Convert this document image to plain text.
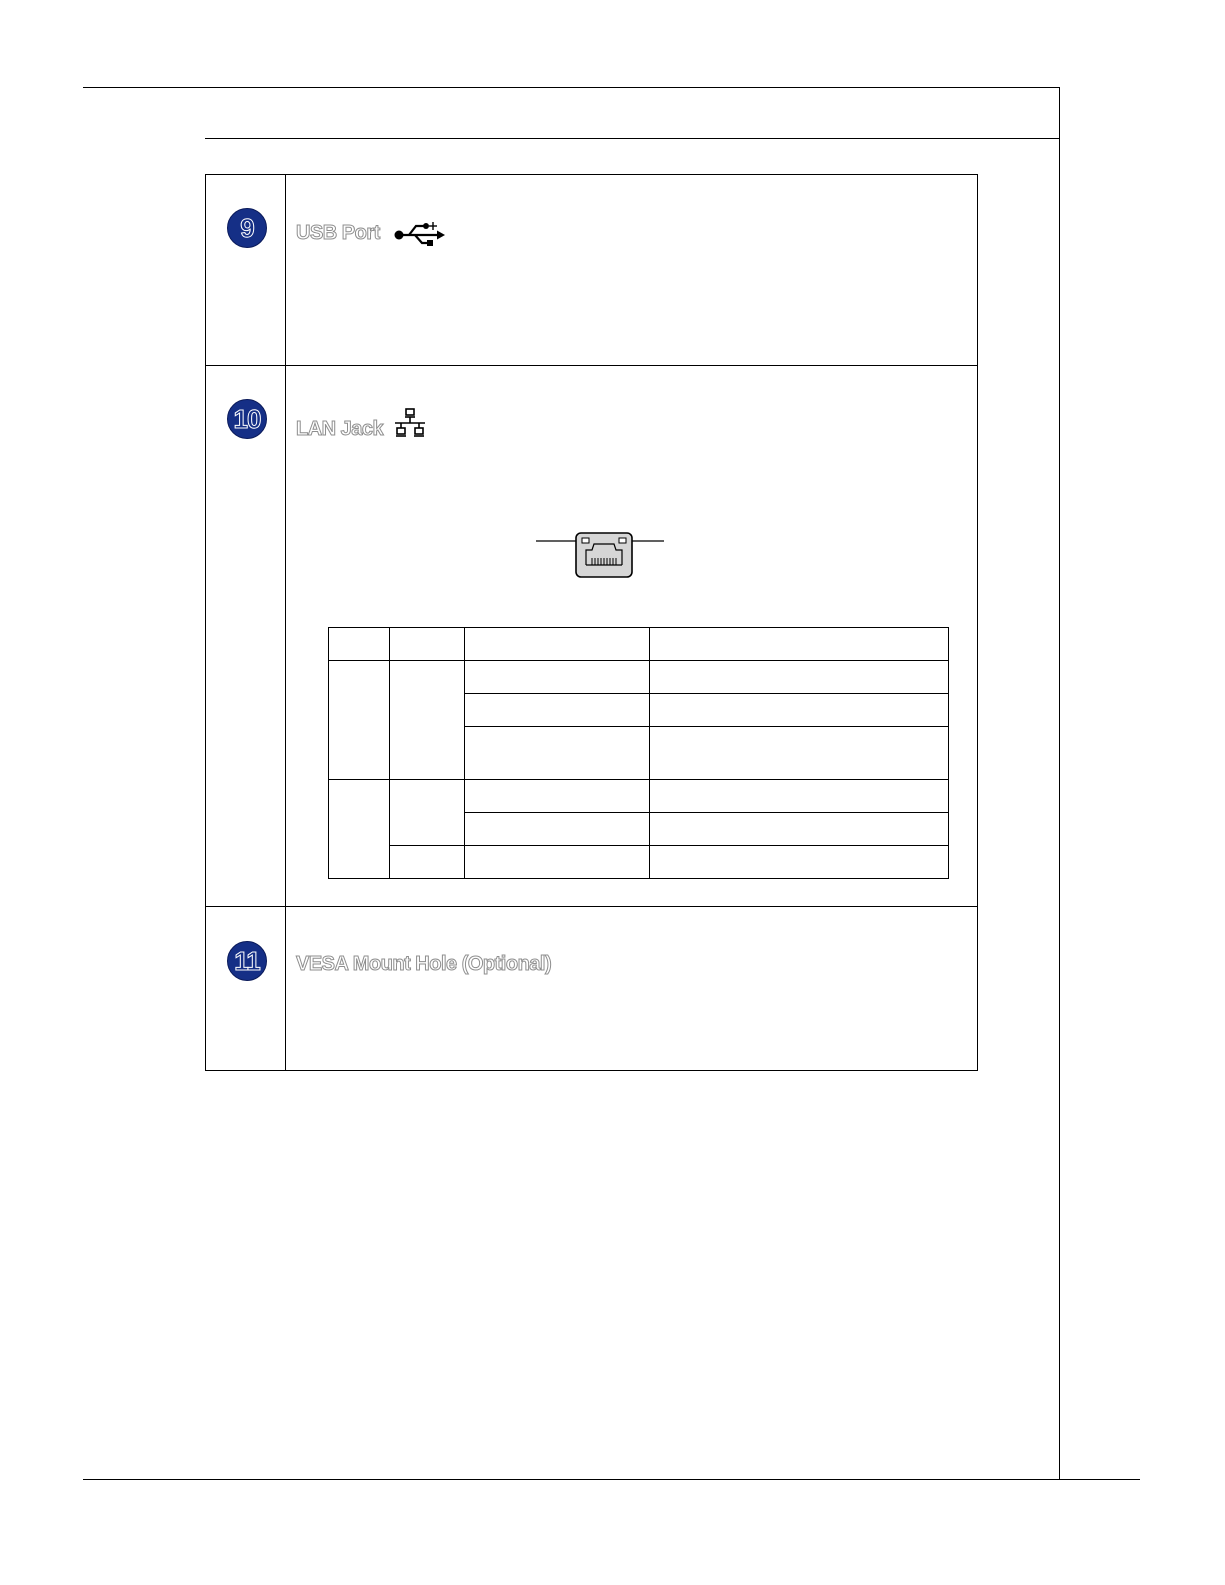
9 USB Port
10 LAN Jack

11 VESA Mount Hole (Optional)
